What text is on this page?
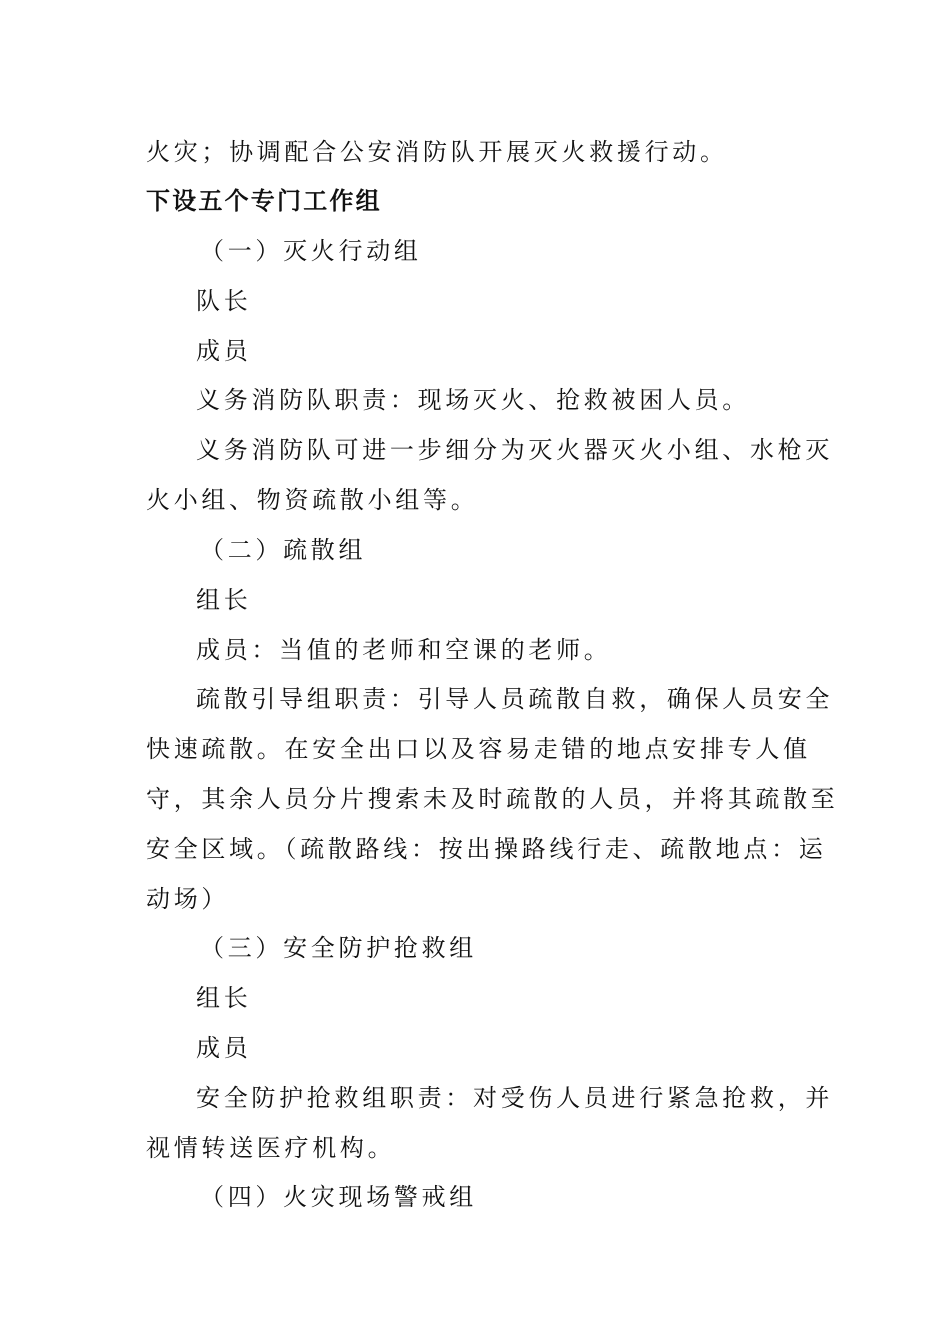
火灾；协调配合公安消防队开展灭火救援行动。
下设五个专门工作组
（一）灭火行动组
队长
成员
义务消防队职责：现场灭火、抢救被困人员。
义务消防队可进一步细分为灭火器灭火小组、水枪灭
火小组、物资疏散小组等。
（二）疏散组
组长
成员：当值的老师和空课的老师。
疏散引导组职责：引导人员疏散自救，确保人员安全
快速疏散。在安全出口以及容易走错的地点安排专人值
守，其余人员分片搜索未及时疏散的人员，并将其疏散至
安全区域。（疏散路线：按出操路线行走、疏散地点：运
动场）
（三）安全防护抢救组
组长
成员
安全防护抢救组职责：对受伤人员进行紧急抢救，并
视情转送医疗机构。
（四）火灾现场警戒组
